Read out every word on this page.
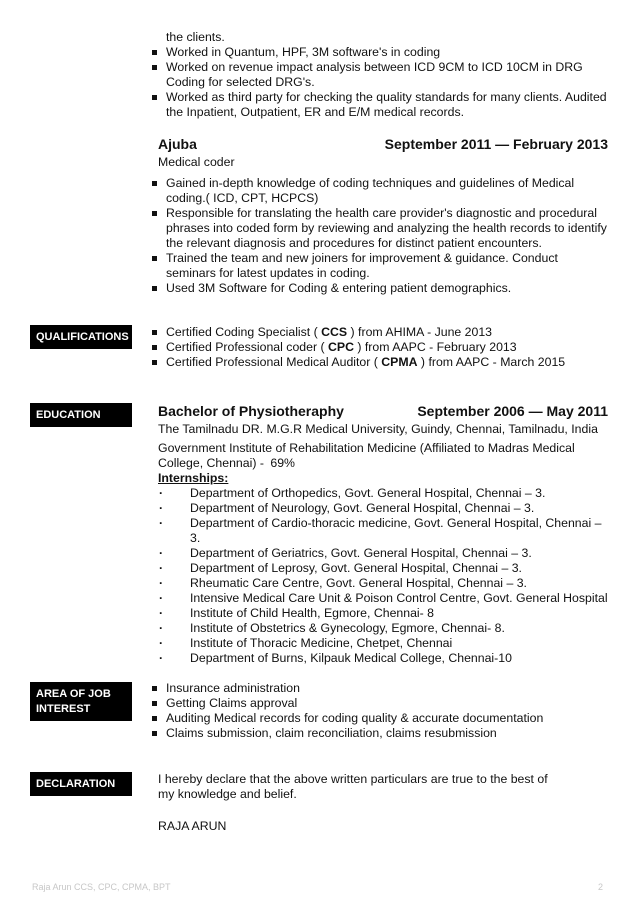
the clients.
Worked in Quantum, HPF, 3M software's in coding
Worked on revenue impact analysis between ICD 9CM to ICD 10CM in DRG Coding for selected DRG's.
Worked as third party for checking the quality standards for many clients. Audited the Inpatient, Outpatient, ER and E/M medical records.
Ajuba	September 2011 — February 2013
Medical coder
Gained in-depth knowledge of coding techniques and guidelines of Medical coding.( ICD, CPT, HCPCS)
Responsible for translating the health care provider's diagnostic and procedural phrases into coded form by reviewing and analyzing the health records to identify the relevant diagnosis and procedures for distinct patient encounters.
Trained the team and new joiners for improvement & guidance. Conduct seminars for latest updates in coding.
Used 3M Software for Coding & entering patient demographics.
QUALIFICATIONS	Certified Coding Specialist ( CCS ) from AHIMA - June 2013
Certified Professional coder ( CPC ) from AAPC - February 2013
Certified Professional Medical Auditor ( CPMA ) from AAPC - March 2015
EDUCATION	Bachelor of Physiotheraphy	September 2006 — May 2011
The Tamilnadu DR. M.G.R Medical University, Guindy, Chennai, Tamilnadu, India
Government Institute of Rehabilitation Medicine (Affiliated to Madras Medical College, Chennai) - 69%
Internships:
· Department of Orthopedics, Govt. General Hospital, Chennai – 3.
· Department of Neurology, Govt. General Hospital, Chennai – 3.
· Department of Cardio-thoracic medicine, Govt. General Hospital, Chennai – 3.
· Department of Geriatrics, Govt. General Hospital, Chennai – 3.
· Department of Leprosy, Govt. General Hospital, Chennai – 3.
· Rheumatic Care Centre, Govt. General Hospital, Chennai – 3.
· Intensive Medical Care Unit & Poison Control Centre, Govt. General Hospital
· Institute of Child Health, Egmore, Chennai- 8
· Institute of Obstetrics & Gynecology, Egmore, Chennai- 8.
· Institute of Thoracic Medicine, Chetpet, Chennai
· Department of Burns, Kilpauk Medical College, Chennai-10
AREA OF JOB
INTEREST
Insurance administration
Getting Claims approval
Auditing Medical records for coding quality & accurate documentation
Claims submission, claim reconciliation, claims resubmission
DECLARATION	I hereby declare that the above written particulars are true to the best of my knowledge and belief.
RAJA ARUN
Raja Arun CCS, CPC, CPMA, BPT	2
